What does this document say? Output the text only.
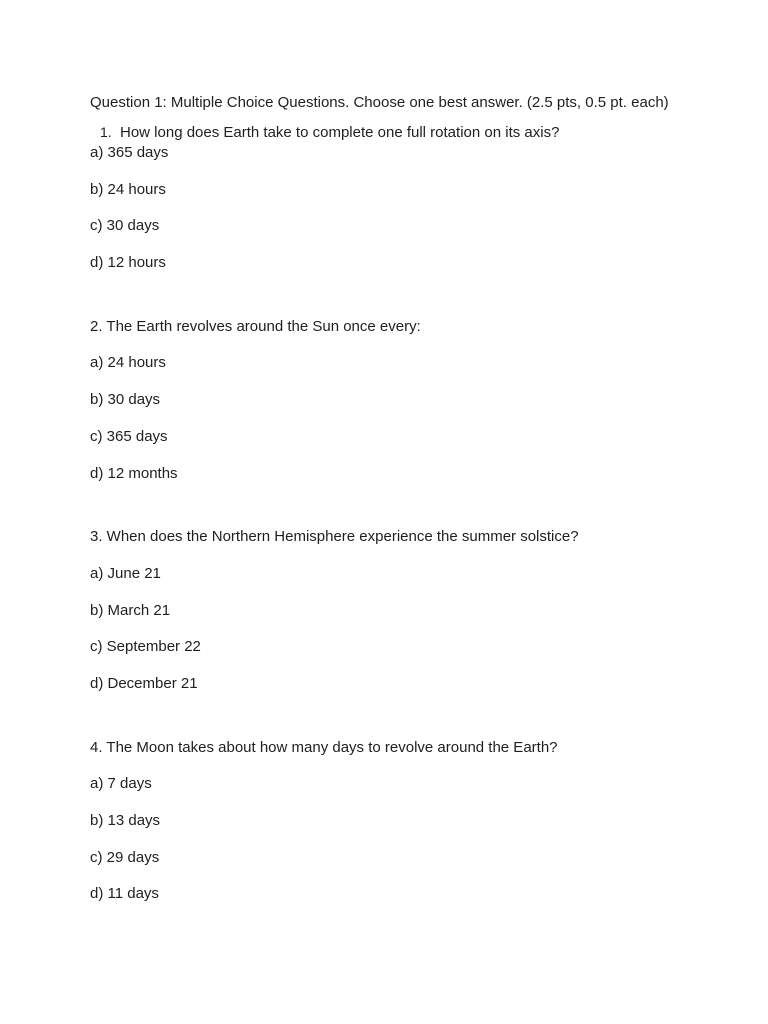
Question 1: Multiple Choice Questions. Choose one best answer. (2.5 pts, 0.5 pt. each)
1. How long does Earth take to complete one full rotation on its axis?
a) 365 days
b) 24 hours
c) 30 days
d) 12 hours
2. The Earth revolves around the Sun once every:
a) 24 hours
b) 30 days
c) 365 days
d) 12 months
3. When does the Northern Hemisphere experience the summer solstice?
a) June 21
b) March 21
c) September 22
d) December 21
4. The Moon takes about how many days to revolve around the Earth?
a) 7 days
b) 13 days
c) 29 days
d) 11 days
